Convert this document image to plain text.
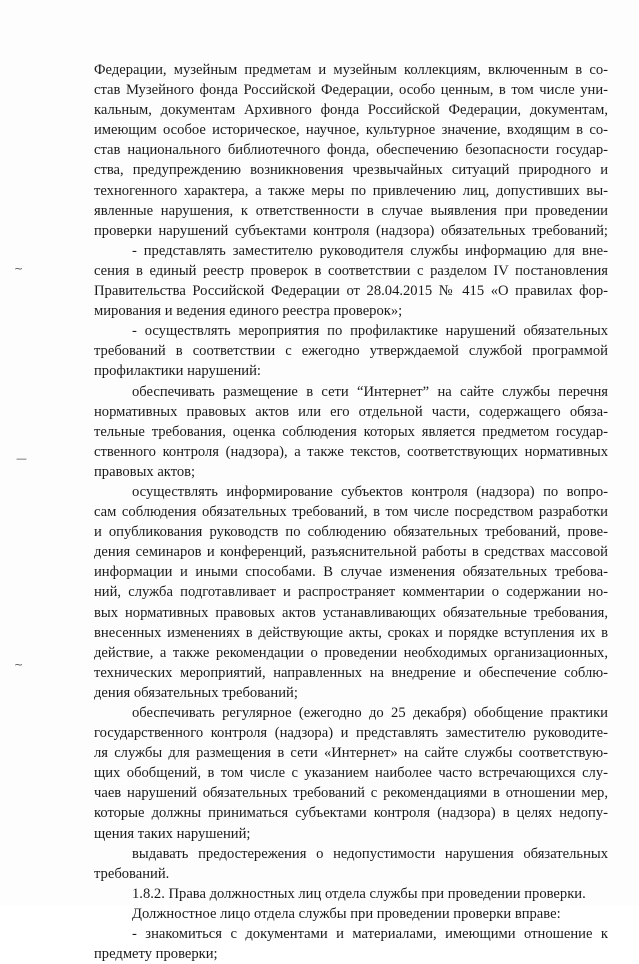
~
—
~
Федерации, музейным предметам и музейным коллекциям, включенным в со-
став Музейного фонда Российской Федерации, особо ценным, в том числе уни-
кальным, документам Архивного фонда Российской Федерации, документам,
имеющим особое историческое, научное, культурное значение, входящим в со-
став национального библиотечного фонда, обеспечению безопасности государ-
ства, предупреждению возникновения чрезвычайных ситуаций природного и
техногенного характера, а также меры по привлечению лиц, допустивших вы-
явленные нарушения, к ответственности в случае выявления при проведении
проверки нарушений субъектами контроля (надзора) обязательных требований;
- представлять заместителю руководителя службы информацию для вне-
сения в единый реестр проверок в соответствии с разделом IV постановления
Правительства Российской Федерации от 28.04.2015 № 415 «О правилах фор-
мирования и ведения единого реестра проверок»;
- осуществлять мероприятия по профилактике нарушений обязательных
требований в соответствии с ежегодно утверждаемой службой программой
профилактики нарушений:
обеспечивать размещение в сети “Интернет” на сайте службы перечня
нормативных правовых актов или его отдельной части, содержащего обяза-
тельные требования, оценка соблюдения которых является предметом государ-
ственного контроля (надзора), а также текстов, соответствующих нормативных
правовых актов;
осуществлять информирование субъектов контроля (надзора) по вопро-
сам соблюдения обязательных требований, в том числе посредством разработки
и опубликования руководств по соблюдению обязательных требований, прове-
дения семинаров и конференций, разъяснительной работы в средствах массовой
информации и иными способами. В случае изменения обязательных требова-
ний, служба подготавливает и распространяет комментарии о содержании но-
вых нормативных правовых актов устанавливающих обязательные требования,
внесенных изменениях в действующие акты, сроках и порядке вступления их в
действие, а также рекомендации о проведении необходимых организационных,
технических мероприятий, направленных на внедрение и обеспечение соблю-
дения обязательных требований;
обеспечивать регулярное (ежегодно до 25 декабря) обобщение практики
государственного контроля (надзора) и представлять заместителю руководите-
ля службы для размещения в сети «Интернет» на сайте службы соответствую-
щих обобщений, в том числе с указанием наиболее часто встречающихся слу-
чаев нарушений обязательных требований с рекомендациями в отношении мер,
которые должны приниматься субъектами контроля (надзора) в целях недопу-
щения таких нарушений;
выдавать предостережения о недопустимости нарушения обязательных
требований.
1.8.2. Права должностных лиц отдела службы при проведении проверки.
Должностное лицо отдела службы при проведении проверки вправе:
- знакомиться с документами и материалами, имеющими отношение к
предмету проверки;
